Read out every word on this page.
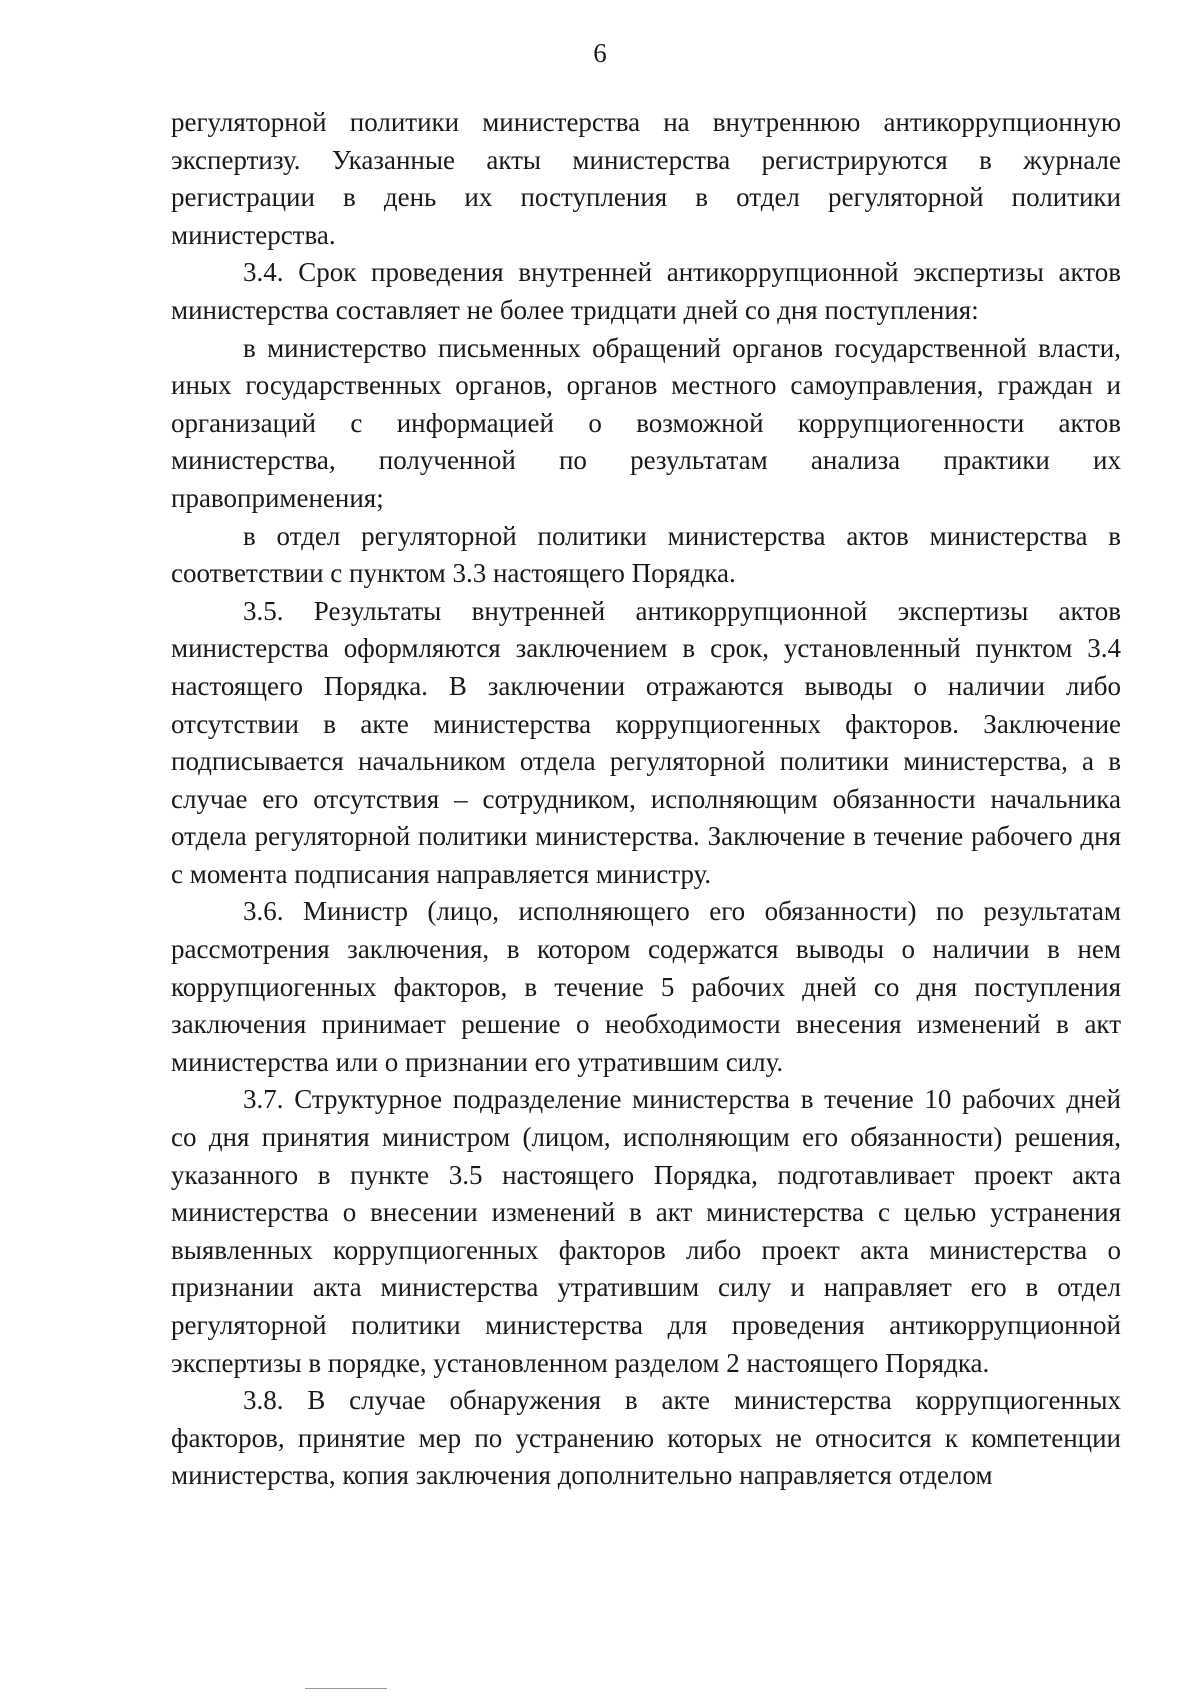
6

регуляторной политики министерства на внутреннюю антикоррупционную экспертизу. Указанные акты министерства регистрируются в журнале регистрации в день их поступления в отдел регуляторной политики министерства.

3.4. Срок проведения внутренней антикоррупционной экспертизы актов министерства составляет не более тридцати дней со дня поступления:

в министерство письменных обращений органов государственной власти, иных государственных органов, органов местного самоуправления, граждан и организаций с информацией о возможной коррупциогенности актов министерства, полученной по результатам анализа практики их правоприменения;

в отдел регуляторной политики министерства актов министерства в соответствии с пунктом 3.3 настоящего Порядка.

3.5. Результаты внутренней антикоррупционной экспертизы актов министерства оформляются заключением в срок, установленный пунктом 3.4 настоящего Порядка. В заключении отражаются выводы о наличии либо отсутствии в акте министерства коррупциогенных факторов. Заключение подписывается начальником отдела регуляторной политики министерства, а в случае его отсутствия – сотрудником, исполняющим обязанности начальника отдела регуляторной политики министерства. Заключение в течение рабочего дня с момента подписания направляется министру.

3.6. Министр (лицо, исполняющего его обязанности) по результатам рассмотрения заключения, в котором содержатся выводы о наличии в нем коррупциогенных факторов, в течение 5 рабочих дней со дня поступления заключения принимает решение о необходимости внесения изменений в акт министерства или о признании его утратившим силу.

3.7. Структурное подразделение министерства в течение 10 рабочих дней со дня принятия министром (лицом, исполняющим его обязанности) решения, указанного в пункте 3.5 настоящего Порядка, подготавливает проект акта министерства о внесении изменений в акт министерства с целью устранения выявленных коррупциогенных факторов либо проект акта министерства о признании акта министерства утратившим силу и направляет его в отдел регуляторной политики министерства для проведения антикоррупционной экспертизы в порядке, установленном разделом 2 настоящего Порядка.

3.8. В случае обнаружения в акте министерства коррупциогенных факторов, принятие мер по устранению которых не относится к компетенции министерства, копия заключения дополнительно направляется отделом
